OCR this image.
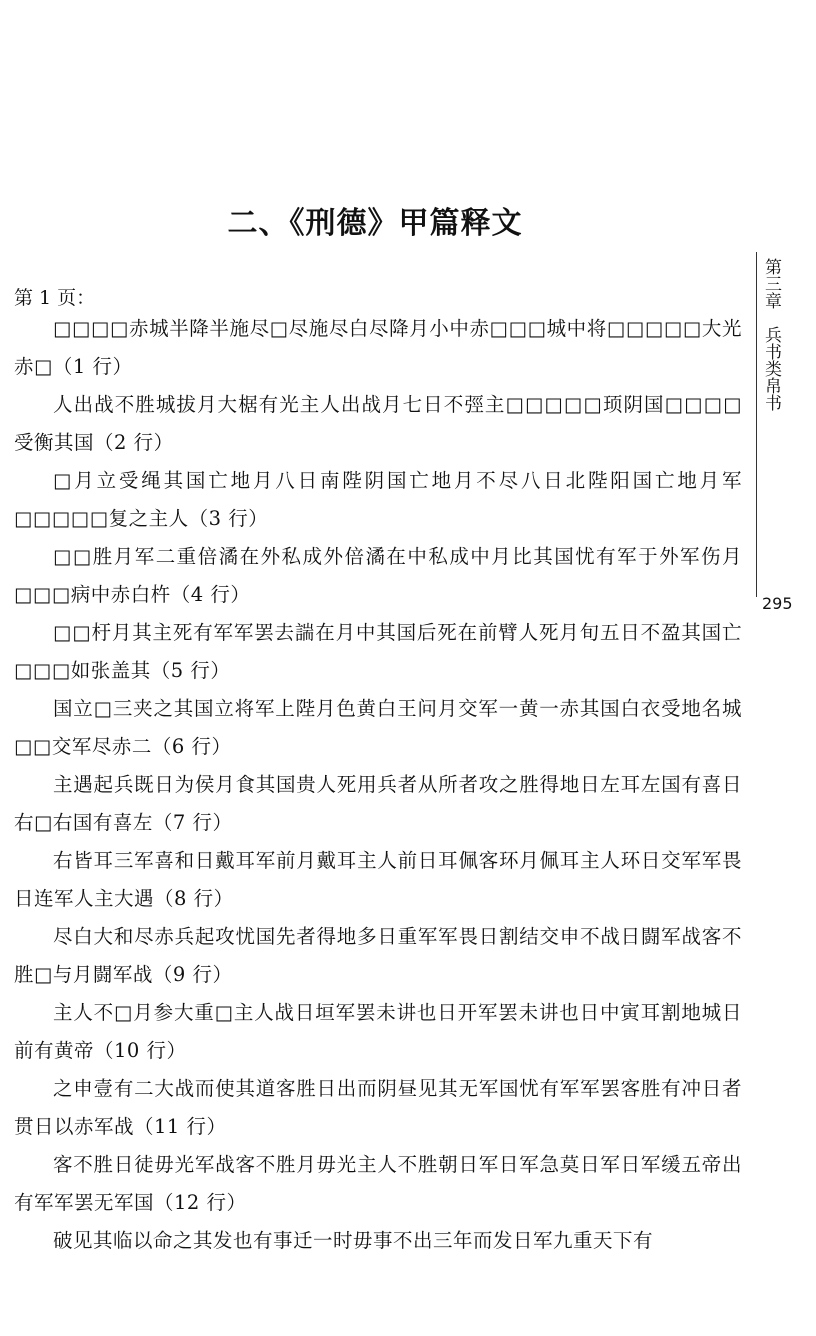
二、《刑德》甲篇释文
第 1 页：

□□□□赤城半降半施尽□尽施尽白尽降月小中赤□□□城中将□□□□□大光赤□（1 行）

人出战不胜城拔月大椐有光主人出战月七日不弳主□□□□□顼阴国□□□□受衡其国（2 行）

□月立受绳其国亡地月八日南陛阴国亡地月不尽八日北陛阳国亡地月军□□□□□复之主人（3 行）

□□胜月军二重倍潏在外私成外倍潏在中私成中月比其国忧有军于外军伤月□□□病中赤白杵（4 行）

□□杅月其主死有军军罢去諯在月中其国后死在前臂人死月旬五日不盈其国亡□□□如张盖其（5 行）

国立□三夹之其国立将军上陛月色黄白王问月交军一黄一赤其国白衣受地名城□□交军尽赤二（6 行）

主遇起兵既日为侯月食其国贵人死用兵者从所者攻之胜得地日左耳左国有喜日右□右国有喜左（7 行）

右皆耳三军喜和日戴耳军前月戴耳主人前日耳佩客环月佩耳主人环日交军军畏日连军人主大遇（8 行）

尽白大和尽赤兵起攻忧国先者得地多日重军军畏日割结交申不战日闘军战客不胜□与月闘军战（9 行）

主人不□月参大重□主人战日垣军罢未讲也日开军罢未讲也日中寅耳割地城日前有黄帝（10 行）

之申壹有二大战而使其道客胜日出而阴昼见其无军国忧有军军罢客胜有冲日者贯日以赤军战（11 行）

客不胜日徒毋光军战客不胜月毋光主人不胜朝日军日军急莫日军日军缓五帝出有军军罢无军国（12 行）

破见其临以命之其发也有事迁一时毋事不出三年而发日军九重天下有

第三章　兵书类帛书
295
